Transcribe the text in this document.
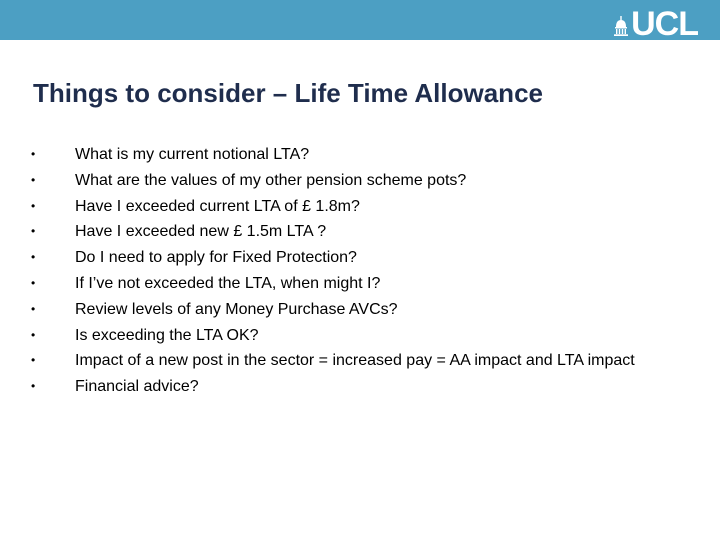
UCL
Things to consider – Life Time Allowance
•	What is my current notional LTA?
•	What are the values of my other pension scheme pots?
•	Have I exceeded current LTA of £ 1.8m?
•	Have I exceeded new £ 1.5m LTA ?
•	Do I need to apply for Fixed Protection?
•	If I’ve not exceeded the LTA, when might I?
•	Review levels of any Money Purchase AVCs?
•	Is exceeding the LTA OK?
•	Impact of a new post in the sector = increased pay = AA impact and LTA impact
•	Financial advice?
